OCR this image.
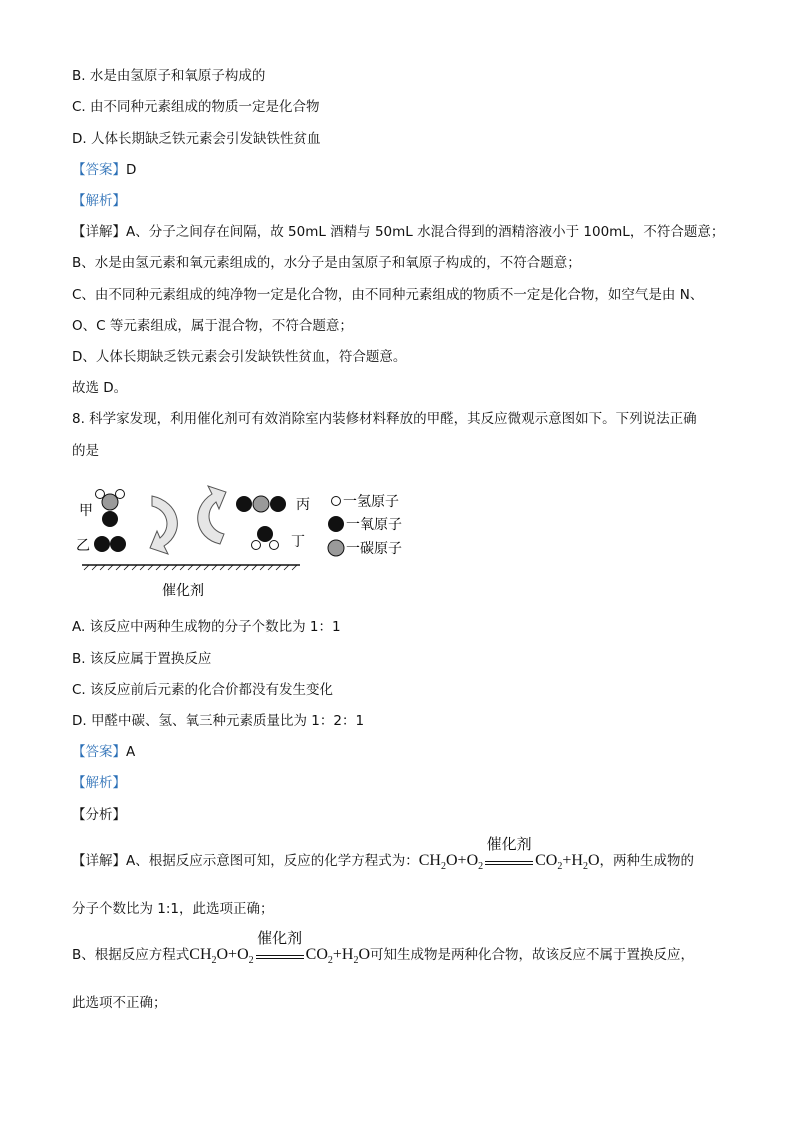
B. 水是由氢原子和氧原子构成的
C. 由不同种元素组成的物质一定是化合物
D. 人体长期缺乏铁元素会引发缺铁性贫血
【答案】D
【解析】
【详解】A、分子之间存在间隔，故 50mL 酒精与 50mL 水混合得到的酒精溶液小于 100mL，不符合题意；
B、水是由氢元素和氧元素组成的，水分子是由氢原子和氧原子构成的，不符合题意；
C、由不同种元素组成的纯净物一定是化合物，由不同种元素组成的物质不一定是化合物，如空气是由 N、
O、C 等元素组成，属于混合物，不符合题意；
D、人体长期缺乏铁元素会引发缺铁性贫血，符合题意。
故选 D。
8. 科学家发现，利用催化剂可有效消除室内装修材料释放的甲醛，其反应微观示意图如下。下列说法正确
的是
甲
乙
丙
丁
催化剂
一氢原子
一氧原子
一碳原子
A. 该反应中两种生成物的分子个数比为 1：1
B. 该反应属于置换反应
C. 该反应前后元素的化合价都没有发生变化
D. 甲醛中碳、氢、氧三种元素质量比为 1：2：1
【答案】A
【解析】
【分析】
【详解】A、根据反应示意图可知，反应的化学方程式为：$CH_2O+O_2$
催化剂
$CO_2+H_2O$，两种生成物的
分子个数比为 1:1，此选项正确；
B、根据反应方程式$CH_2O+O_2$
催化剂
$CO_2+H_2O$可知生成物是两种化合物，故该反应不属于置换反应，
此选项不正确；
